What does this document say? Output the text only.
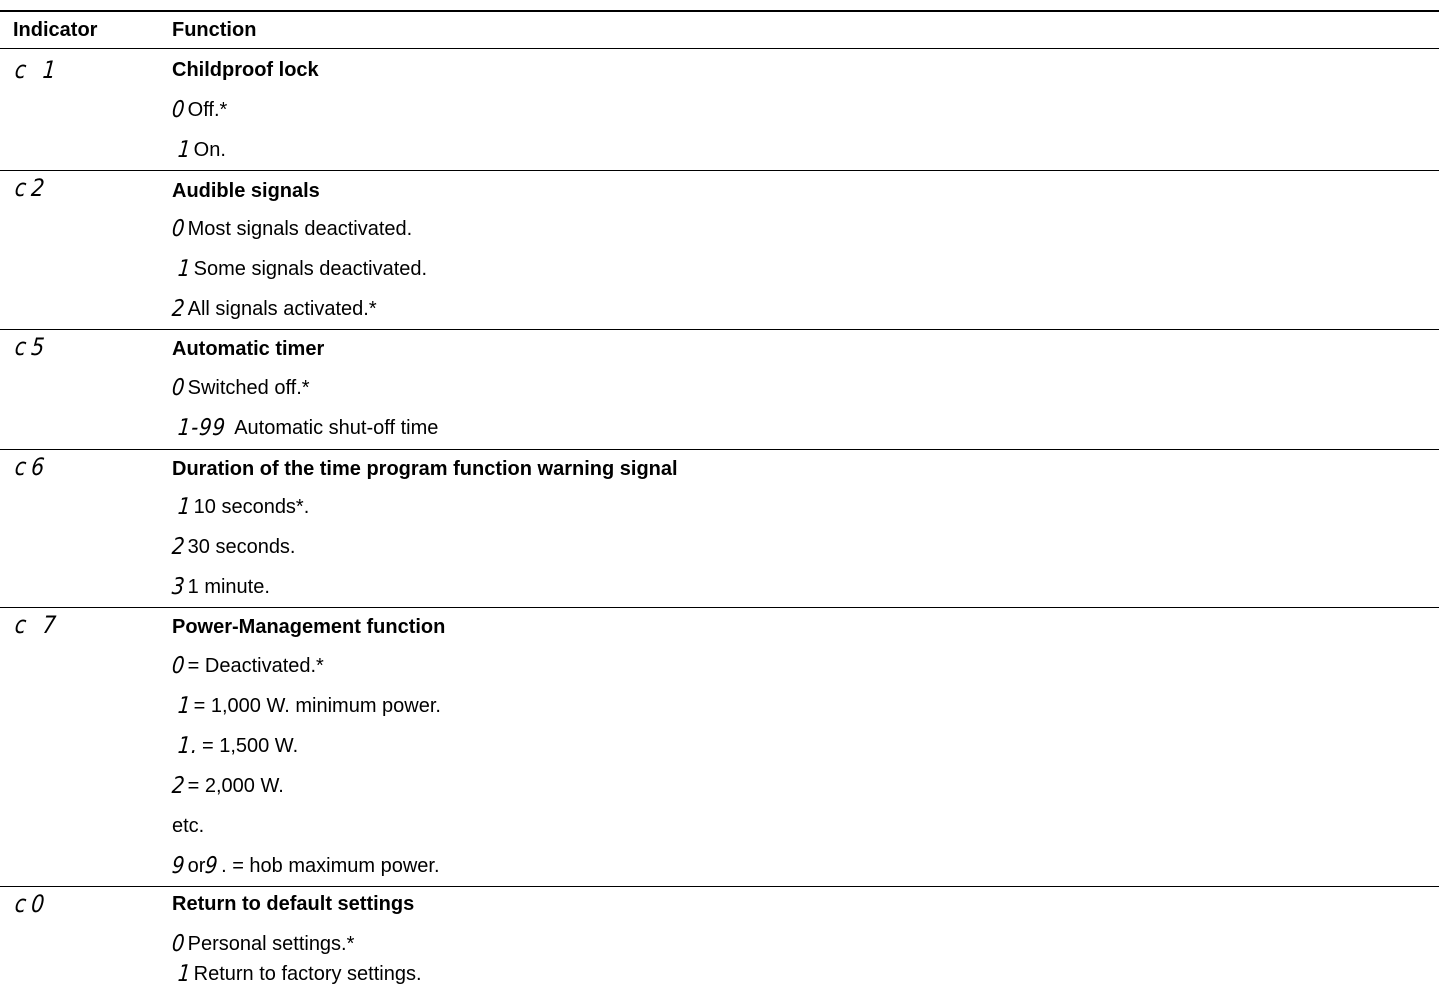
Indicator	Function
c 1	Childproof lock
0 Off.*
1 On.
c2	Audible signals
0 Most signals deactivated.
1 Some signals deactivated.
2 All signals activated.*
c5	Automatic timer
0 Switched off.*
1-99 Automatic shut-off time
c6	Duration of the time program function warning signal
1 10 seconds*.
2 30 seconds.
3 1 minute.
c 7	Power-Management function
0 = Deactivated.*
1 = 1,000 W. minimum power.
1. = 1,500 W.
2 = 2,000 W.
etc.
9 or
9 . = hob maximum power.
c0	Return to default settings
0 Personal settings.*
1 Return to factory settings.
